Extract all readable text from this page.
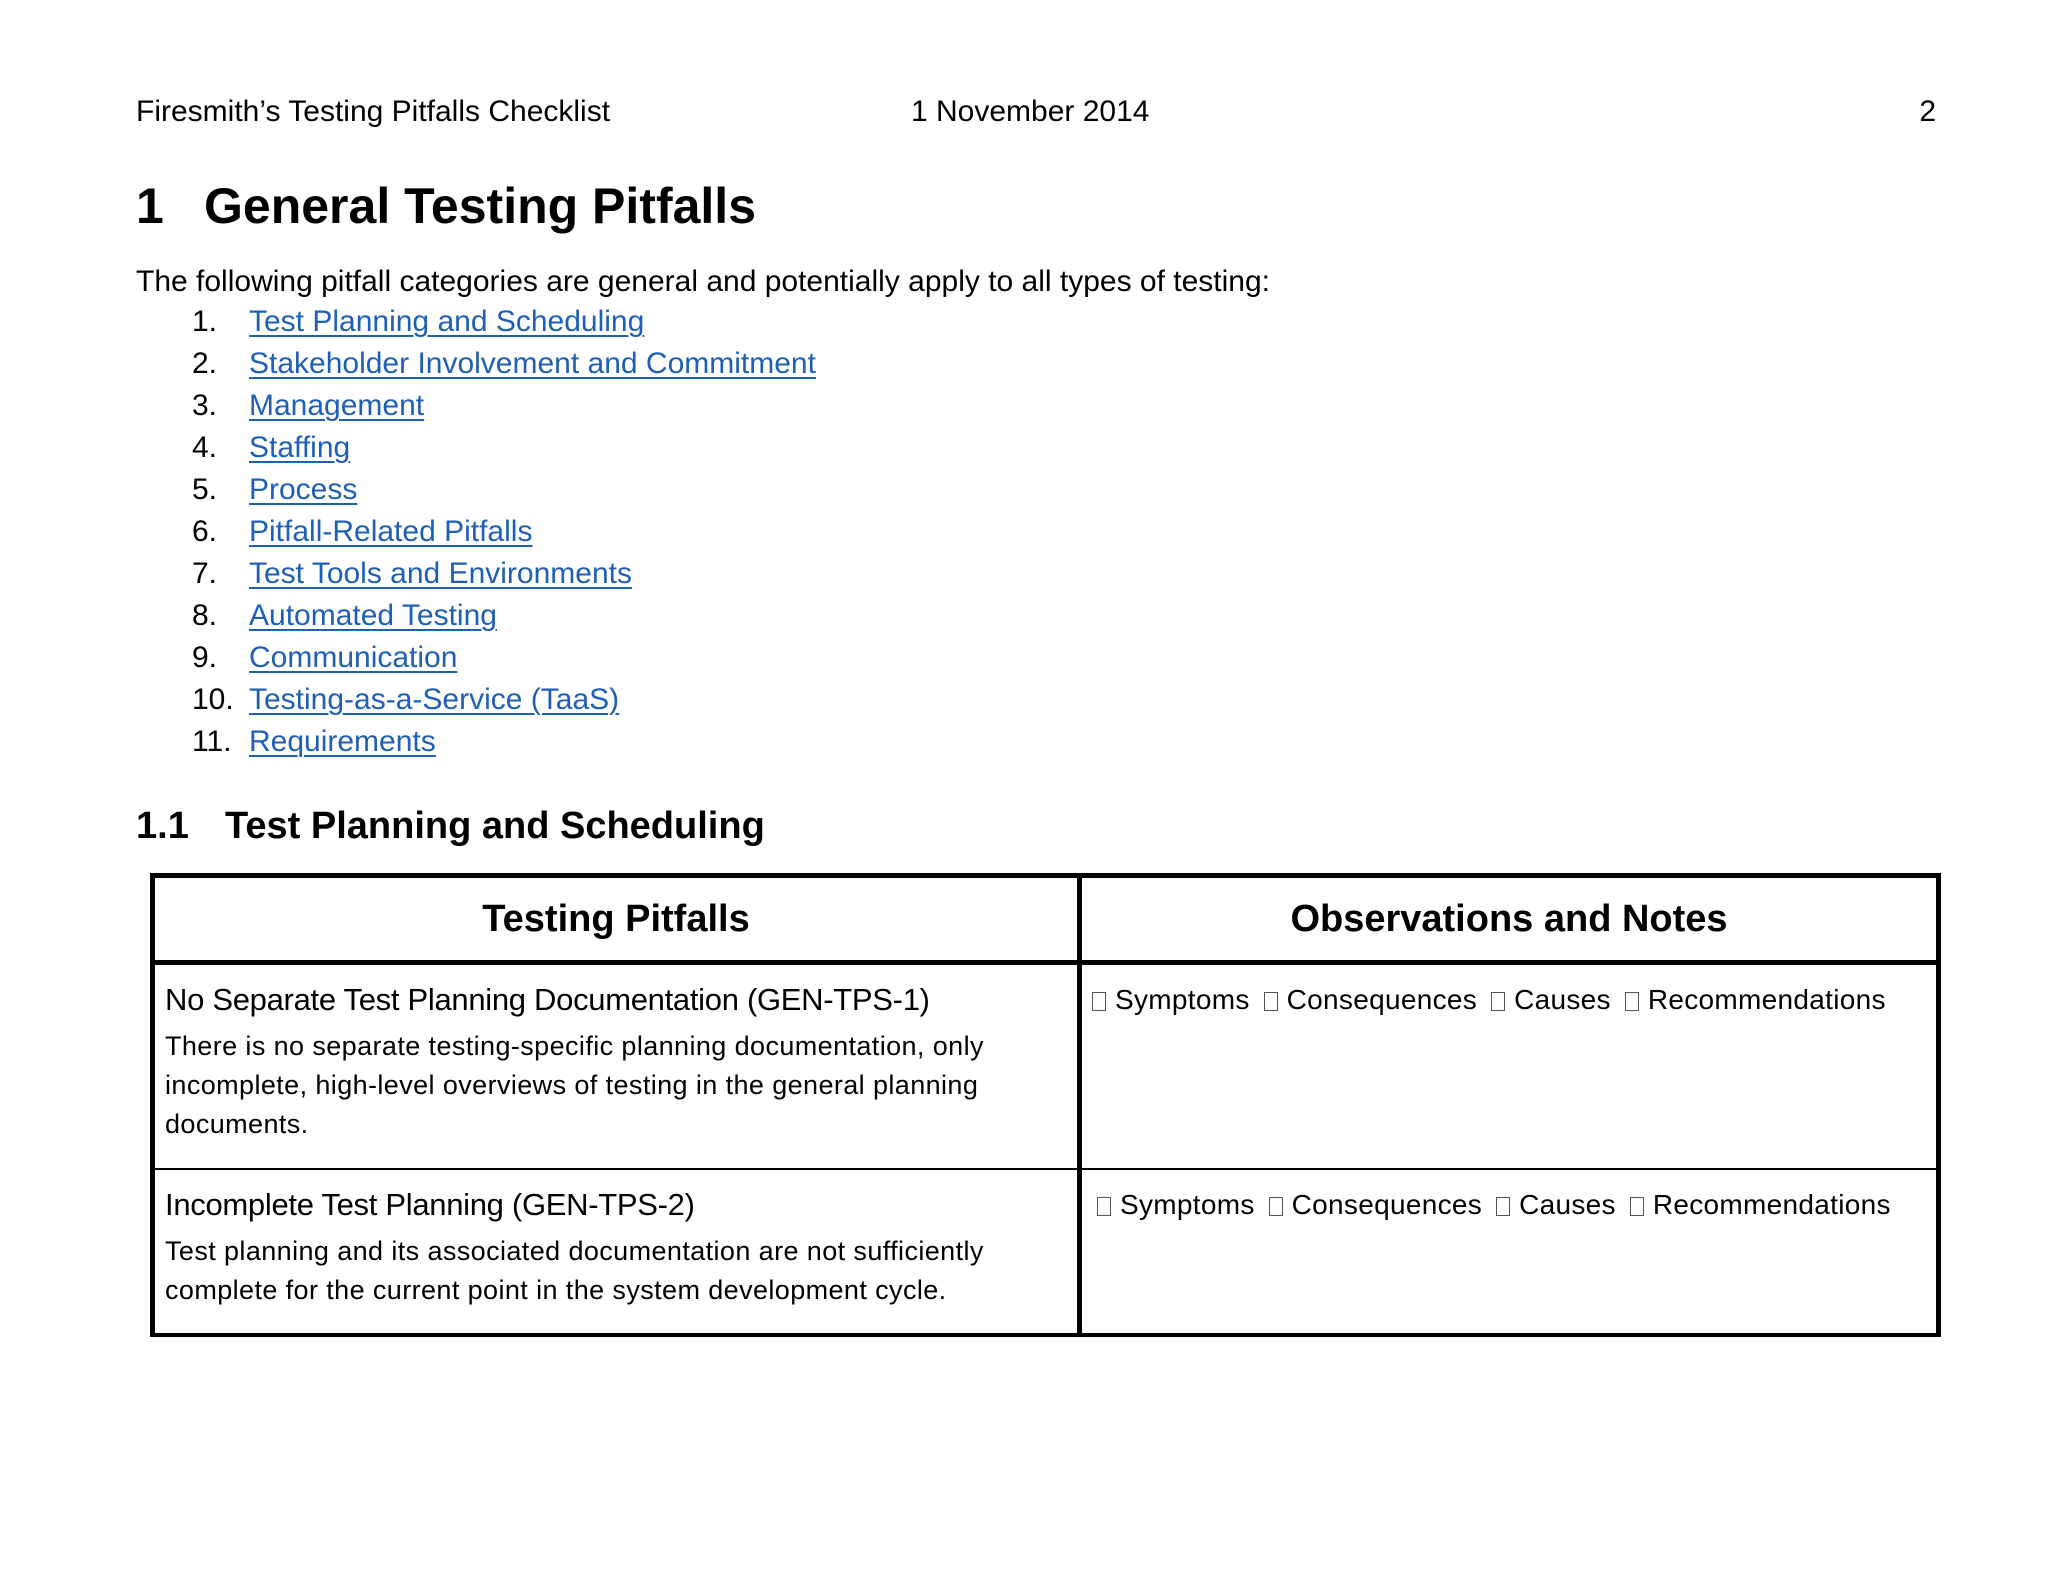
Firesmith’s Testing Pitfalls Checklist	1 November 2014	2
1 General Testing Pitfalls

The following pitfall categories are general and potentially apply to all types of testing:

1. Test Planning and Scheduling
2. Stakeholder Involvement and Commitment
3. Management
4. Staffing
5. Process
6. Pitfall-Related Pitfalls
7. Test Tools and Environments
8. Automated Testing
9. Communication
10. Testing-as-a-Service (TaaS)
11. Requirements
1.1 Test Planning and Scheduling
Testing Pitfalls	Observations and Notes

No Separate Test Planning Documentation (GEN-TPS-1)
There is no separate testing-specific planning documentation, only incomplete, high-level overviews of testing in the general planning documents.	Symptoms Consequences Causes Recommendations

Incomplete Test Planning (GEN-TPS-2)
Test planning and its associated documentation are not sufficiently complete for the current point in the system development cycle.	Symptoms Consequences Causes Recommendations
